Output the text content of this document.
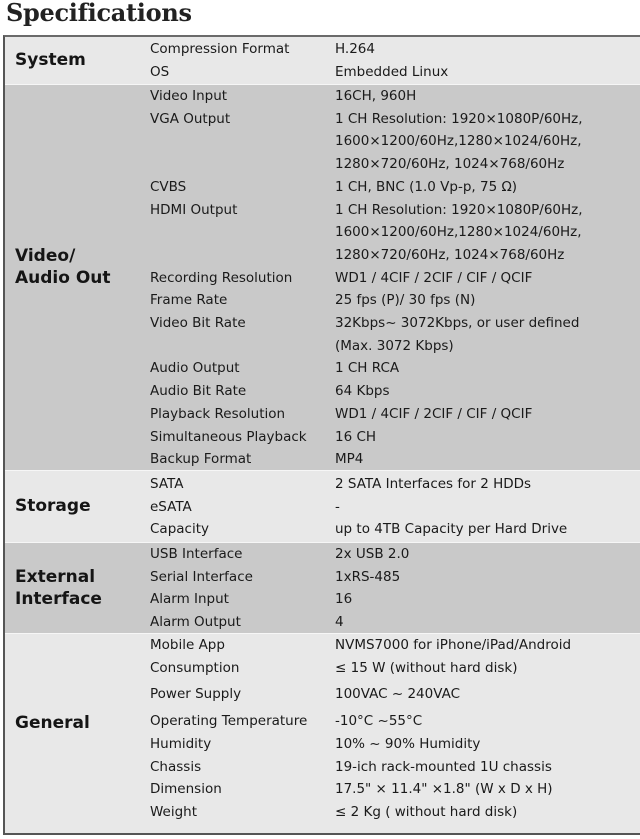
Specifications
System
Compression Format	H.264
OS	Embedded Linux
Video/
Audio Out
Video Input	16CH, 960H
VGA Output	1 CH Resolution: 1920×1080P/60Hz,
1600×1200/60Hz,1280×1024/60Hz,
1280×720/60Hz, 1024×768/60Hz
CVBS	1 CH, BNC (1.0 Vp-p, 75 Ω)
HDMI Output	1 CH Resolution: 1920×1080P/60Hz,
1600×1200/60Hz,1280×1024/60Hz,
1280×720/60Hz, 1024×768/60Hz
Recording Resolution	WD1 / 4CIF / 2CIF / CIF / QCIF
Frame Rate	25 fps (P)/ 30 fps (N)
Video Bit Rate	32Kbps~ 3072Kbps, or user defined
(Max. 3072 Kbps)
Audio Output	1 CH RCA
Audio Bit Rate	64 Kbps
Playback Resolution	WD1 / 4CIF / 2CIF / CIF / QCIF
Simultaneous Playback	16 CH
Backup Format	MP4
Storage
SATA	2 SATA Interfaces for 2 HDDs
eSATA	-
Capacity	up to 4TB Capacity per Hard Drive
External
Interface
USB Interface	2x USB 2.0
Serial Interface	1xRS-485
Alarm Input	16
Alarm Output	4
General
Mobile App	NVMS7000 for iPhone/iPad/Android
Consumption	≤ 15 W (without hard disk)
Power Supply	100VAC ~ 240VAC
Operating Temperature	-10°C ~55°C
Humidity	10% ~ 90% Humidity
Chassis	19-ich rack-mounted 1U chassis
Dimension	17.5" × 11.4" ×1.8" (W x D x H)
Weight	≤ 2 Kg ( without hard disk)
